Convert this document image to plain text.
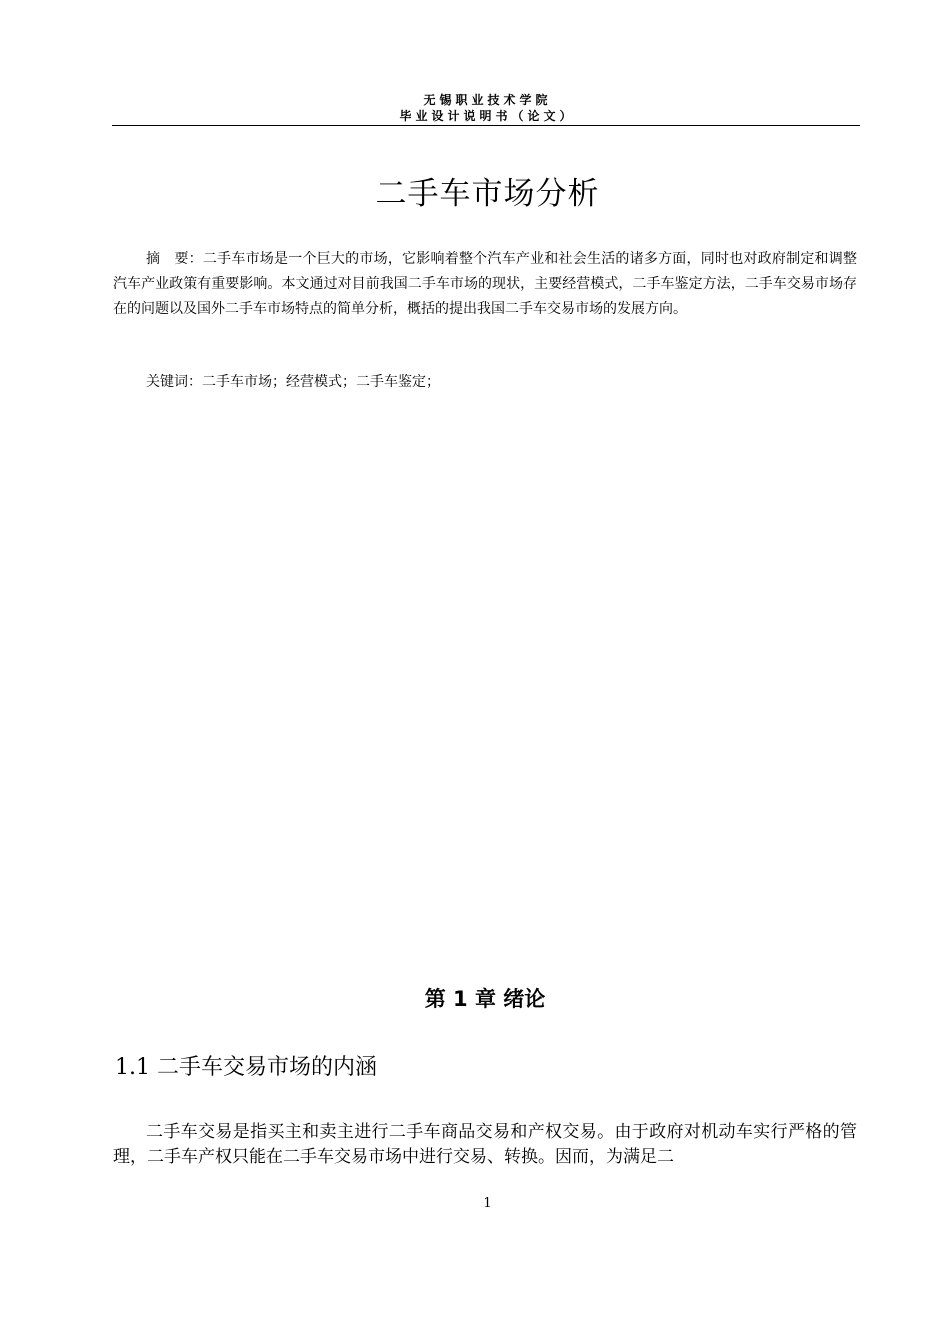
无锡职业技术学院
毕业设计说明书（论文）
二手车市场分析
摘　要：二手车市场是一个巨大的市场，它影响着整个汽车产业和社会生活的诸多方面，同时也对政府制定和调整汽车产业政策有重要影响。本文通过对目前我国二手车市场的现状，主要经营模式，二手车鉴定方法，二手车交易市场存在的问题以及国外二手车市场特点的简单分析，概括的提出我国二手车交易市场的发展方向。
关键词：二手车市场；经营模式；二手车鉴定；
第 1 章 绪论
1.1 二手车交易市场的内涵
二手车交易是指买主和卖主进行二手车商品交易和产权交易。由于政府对机动车实行严格的管理，二手车产权只能在二手车交易市场中进行交易、转换。因而，为满足二
1
